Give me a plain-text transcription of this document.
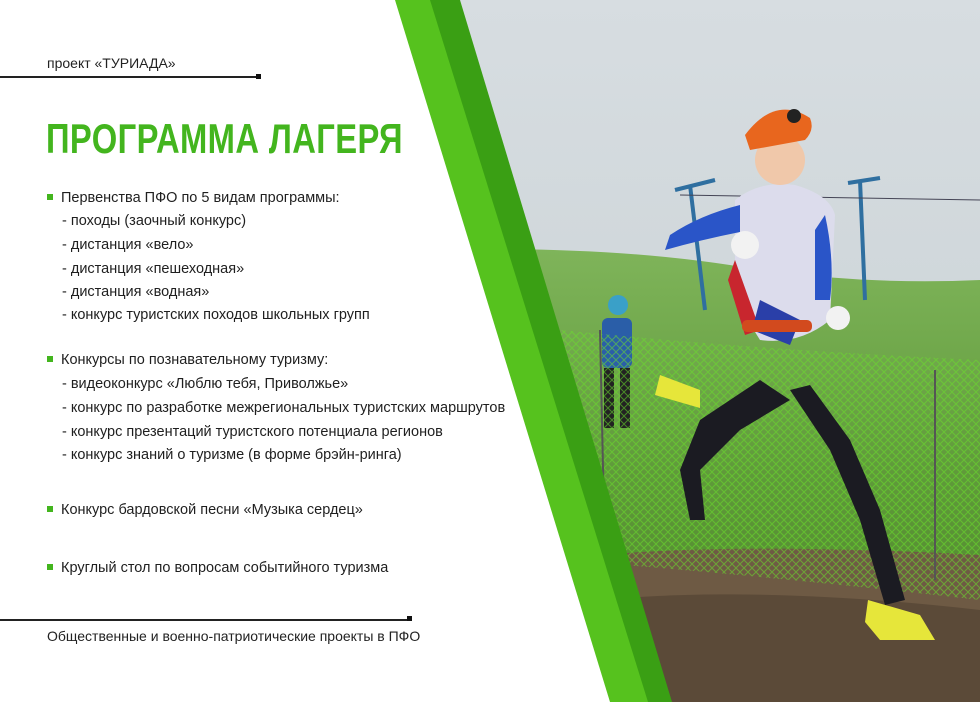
проект «ТУРИАДА»
ПРОГРАММА ЛАГЕРЯ
Первенства ПФО по 5 видам программы:
- походы (заочный конкурс)
- дистанция «вело»
- дистанция «пешеходная»
- дистанция «водная»
- конкурс туристских походов школьных групп
Конкурсы по познавательному туризму:
- видеоконкурс «Люблю тебя, Приволжье»
- конкурс по разработке межрегиональных туристских маршрутов
- конкурс презентаций туристского потенциала регионов
- конкурс знаний о туризме (в форме брэйн-ринга)
Конкурс бардовской песни «Музыка сердец»
Круглый стол по вопросам событийного туризма
Общественные и военно-патриотические проекты в ПФО
